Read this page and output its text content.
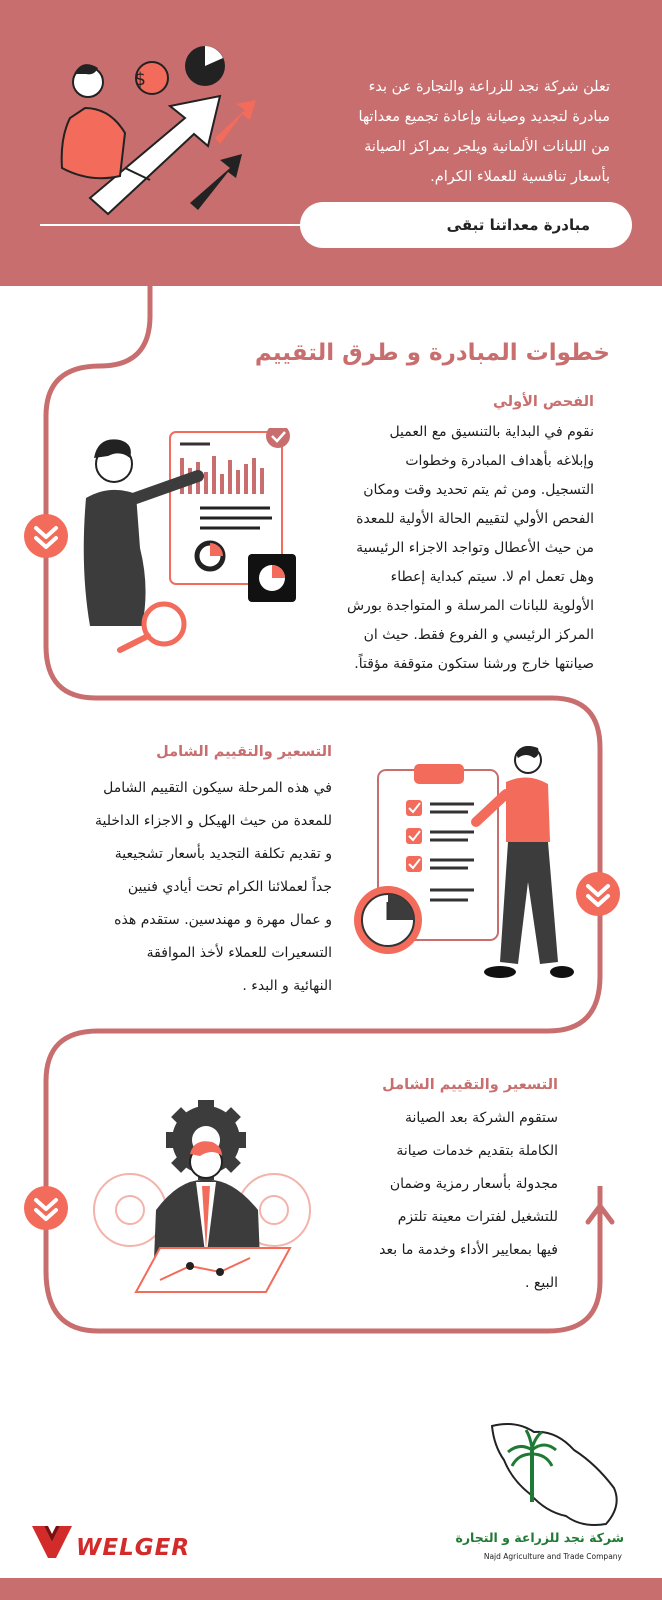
$	تعلن شركة نجد للزراعة والتجارة عن بدء
مبادرة لتجديد وصيانة وإعادة تجميع معداتها
من اللبانات الألمانية ويلجر بمراكز الصيانة
بأسعار تنافسية للعملاء الكرام.
مبادرة معداتنا تبقى
خطوات المبادرة و طرق التقييم
الفحص الأولي
نقوم في البداية بالتنسيق مع العميل
وإبلاغه بأهداف المبادرة وخطوات
التسجيل. ومن ثم يتم تحديد وقت ومكان
الفحص الأولي لتقييم الحالة الأولية للمعدة
من حيث الأعطال وتواجد الاجزاء الرئيسية
وهل تعمل ام لا. سيتم كبداية إعطاء
الأولوية للبانات المرسلة و المتواجدة بورش
المركز الرئيسي و الفروع فقط. حيث ان
صيانتها خارج ورشنا ستكون متوقفة مؤقتاً.
التسعير والتقييم الشامل
في هذه المرحلة سيكون التقييم الشامل
للمعدة من حيث الهيكل و الاجزاء الداخلية
و تقديم تكلفة التجديد بأسعار تشجيعية
جداً لعملائنا الكرام تحت أيادي فنيين
و عمال مهرة و مهندسين. ستقدم هذه
التسعيرات للعملاء لأخذ الموافقة
النهائية و البدء .
التسعير والتقييم الشامل
ستقوم الشركة بعد الصيانة
الكاملة بتقديم خدمات صيانة
مجدولة بأسعار رمزية وضمان
للتشغيل لفترات معينة تلتزم
فيها بمعايير الأداء وخدمة ما بعد
البيع .
WELGER	شركة نجد للزراعة و التجارة
Najd Agriculture and Trade Company
